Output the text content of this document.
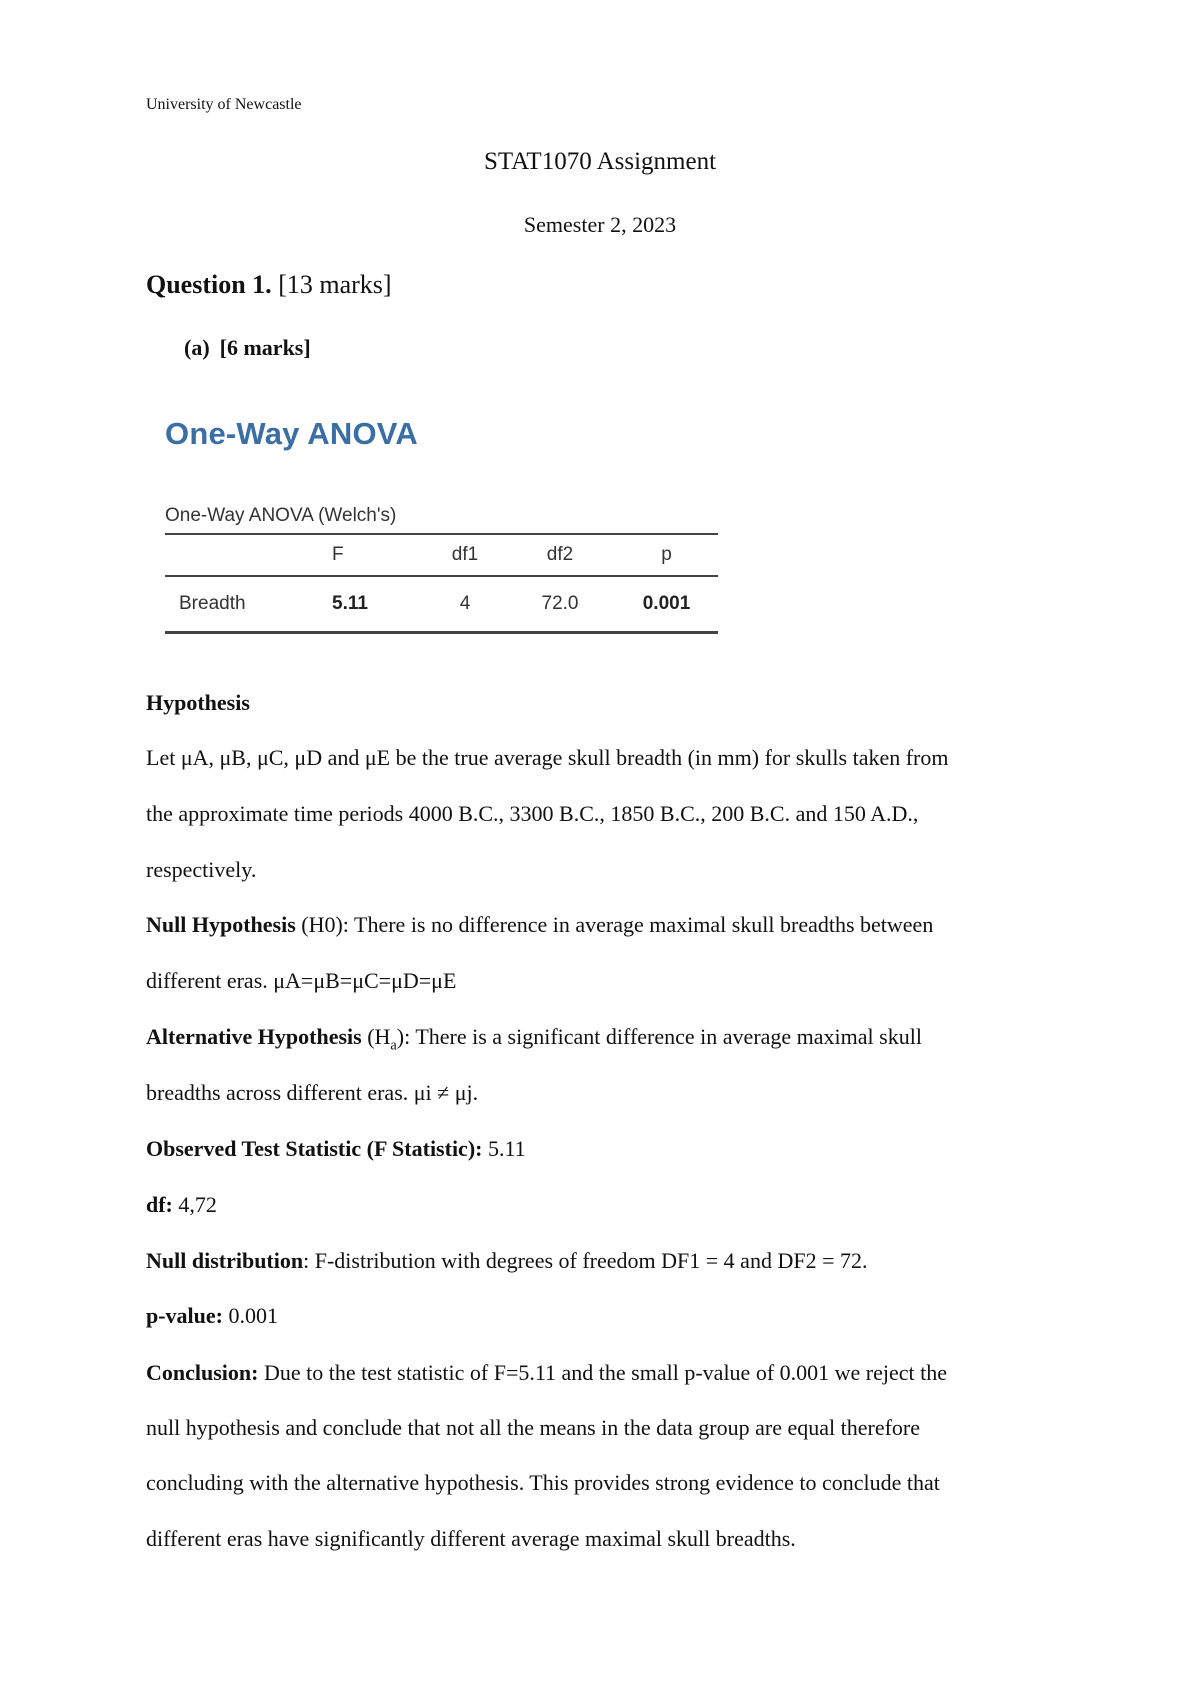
University of Newcastle
STAT1070 Assignment
Semester 2, 2023
Question 1. [13 marks]
(a) [6 marks]
One-Way ANOVA
One-Way ANOVA (Welch's)
	F	df1	df2	p
Breadth	5.11	4	72.0	0.001
Hypothesis
Let μA, μB, μC, μD and μE be the true average skull breadth (in mm) for skulls taken from
the approximate time periods 4000 B.C., 3300 B.C., 1850 B.C., 200 B.C. and 150 A.D.,
respectively.
Null Hypothesis (H0): There is no difference in average maximal skull breadths between
different eras. μA=μB=μC=μD=μE
Alternative Hypothesis $(H_a)$: There is a significant difference in average maximal skull
breadths across different eras. μi ≠ μj.
Observed Test Statistic (F Statistic): 5.11
df: 4,72
Null distribution: F-distribution with degrees of freedom DF1 = 4 and DF2 = 72.
p-value: 0.001
Conclusion: Due to the test statistic of F=5.11 and the small p-value of 0.001 we reject the
null hypothesis and conclude that not all the means in the data group are equal therefore
concluding with the alternative hypothesis. This provides strong evidence to conclude that
different eras have significantly different average maximal skull breadths.
